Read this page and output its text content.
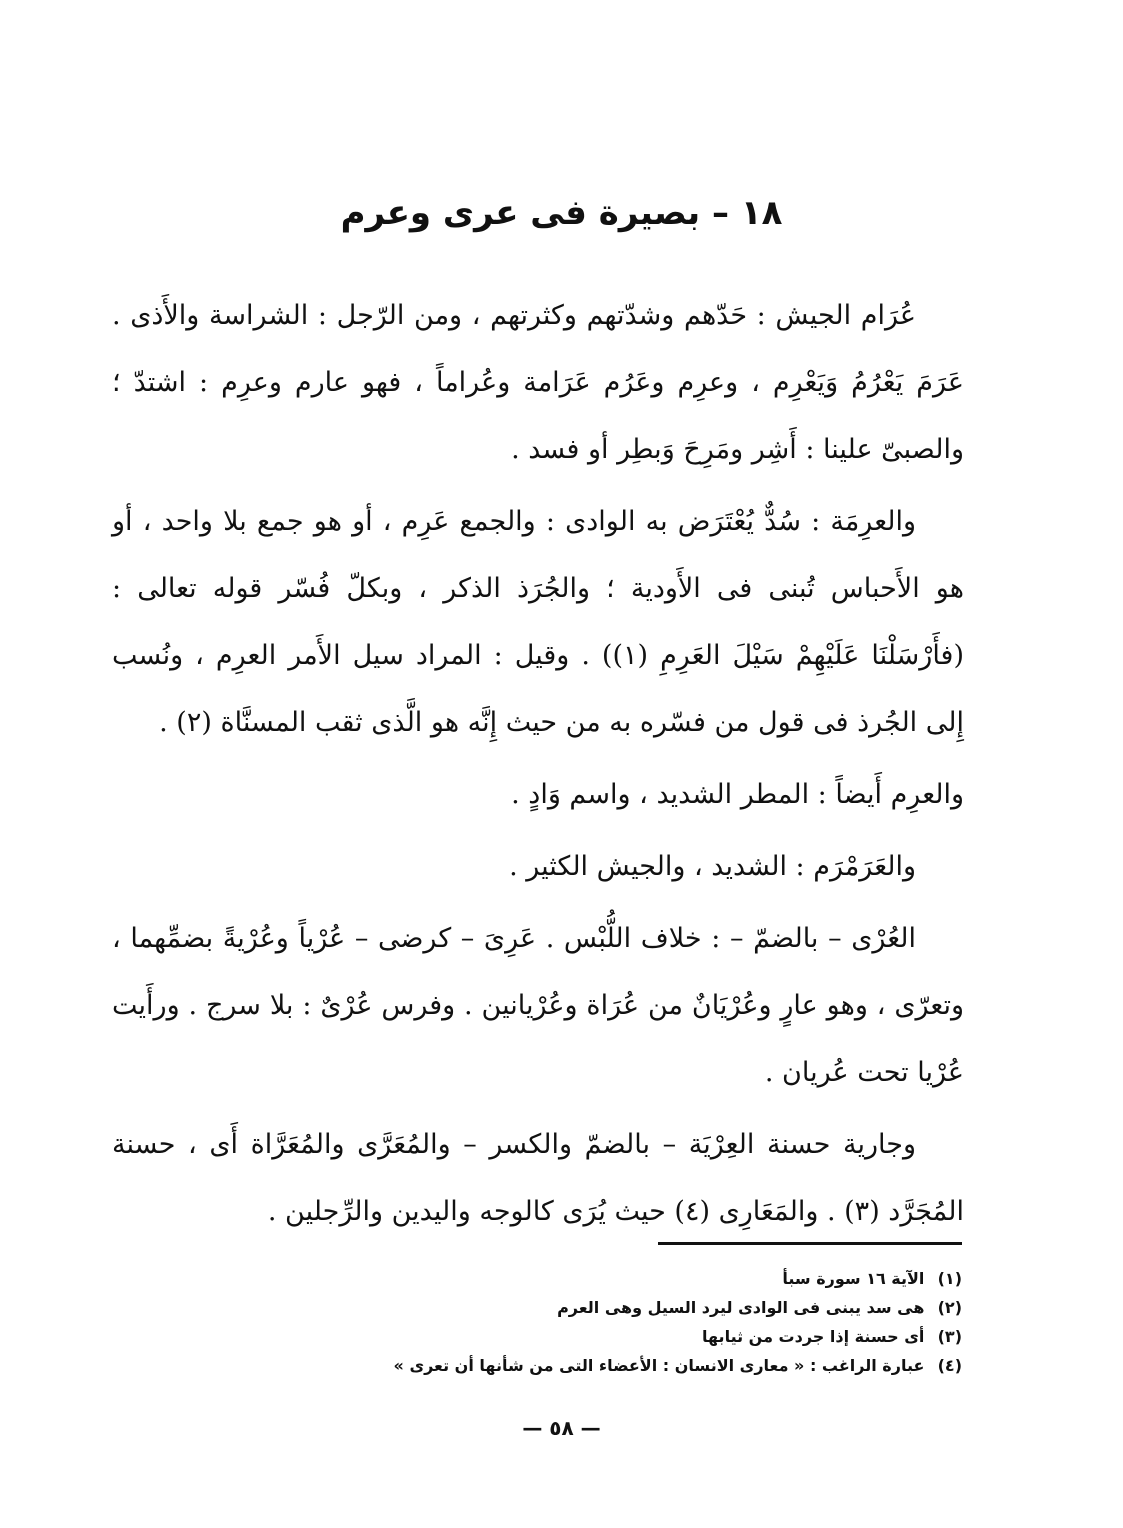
١٨ – بصيرة فى عرى وعرم

عُرَام الجيش : حَدّهم وشدّتهم وكثرتهم ، ومن الرّجل : الشراسة والأَذى . عَرَمَ يَعْرُمُ وَيَعْرِم ، وعرِم وعَرُم عَرَامة وعُراماً ، فهو عارم وعرِم : اشتدّ ؛ والصبىّ علينا : أَشِر ومَرِحَ وَبطِر أو فسد .

والعرِمَة : سُدٌّ يُعْتَرَض به الوادى : والجمع عَرِم ، أو هو جمع بلا واحد ، أو هو الأَحباس تُبنى فى الأَودية ؛ والجُرَذ الذكر ، وبكلّ فُسّر قوله تعالى : (فأَرْسَلْنَا عَلَيْهِمْ سَيْلَ العَرِمِ (١)) . وقيل : المراد سيل الأَمر العرِم ، ونُسب إِلى الجُرذ فى قول من فسّره به من حيث إِنَّه هو الَّذى ثقب المسنَّاة (٢) .

والعرِم أَيضاً : المطر الشديد ، واسم وَادٍ .

والعَرَمْرَم : الشديد ، والجيش الكثير .

العُرْى – بالضمّ – : خلاف اللُّبْس . عَرِىَ – كرضى – عُرْياً وعُرْيةً بضمِّهما ، وتعرّى ، وهو عارٍ وعُرْيَانٌ من عُرَاة وعُرْيانين . وفرس عُرْىٌ : بلا سرج . ورأَيت عُرْيا تحت عُريان .

وجارية حسنة العِرْيَة – بالضمّ والكسر – والمُعَرَّى والمُعَرَّاة أَى ، حسنة المُجَرَّد (٣) . والمَعَارِى (٤) حيث يُرَى كالوجه واليدين والرِّجلين .

(١) الآية ١٦ سورة سبأ
(٢) هى سد يبنى فى الوادى ليرد السيل وهى العرم
(٣) أى حسنة إذا جردت من ثيابها
(٤) عبارة الراغب : « معارى الانسان : الأعضاء التى من شأنها أن تعرى »
— ٥٨ —
